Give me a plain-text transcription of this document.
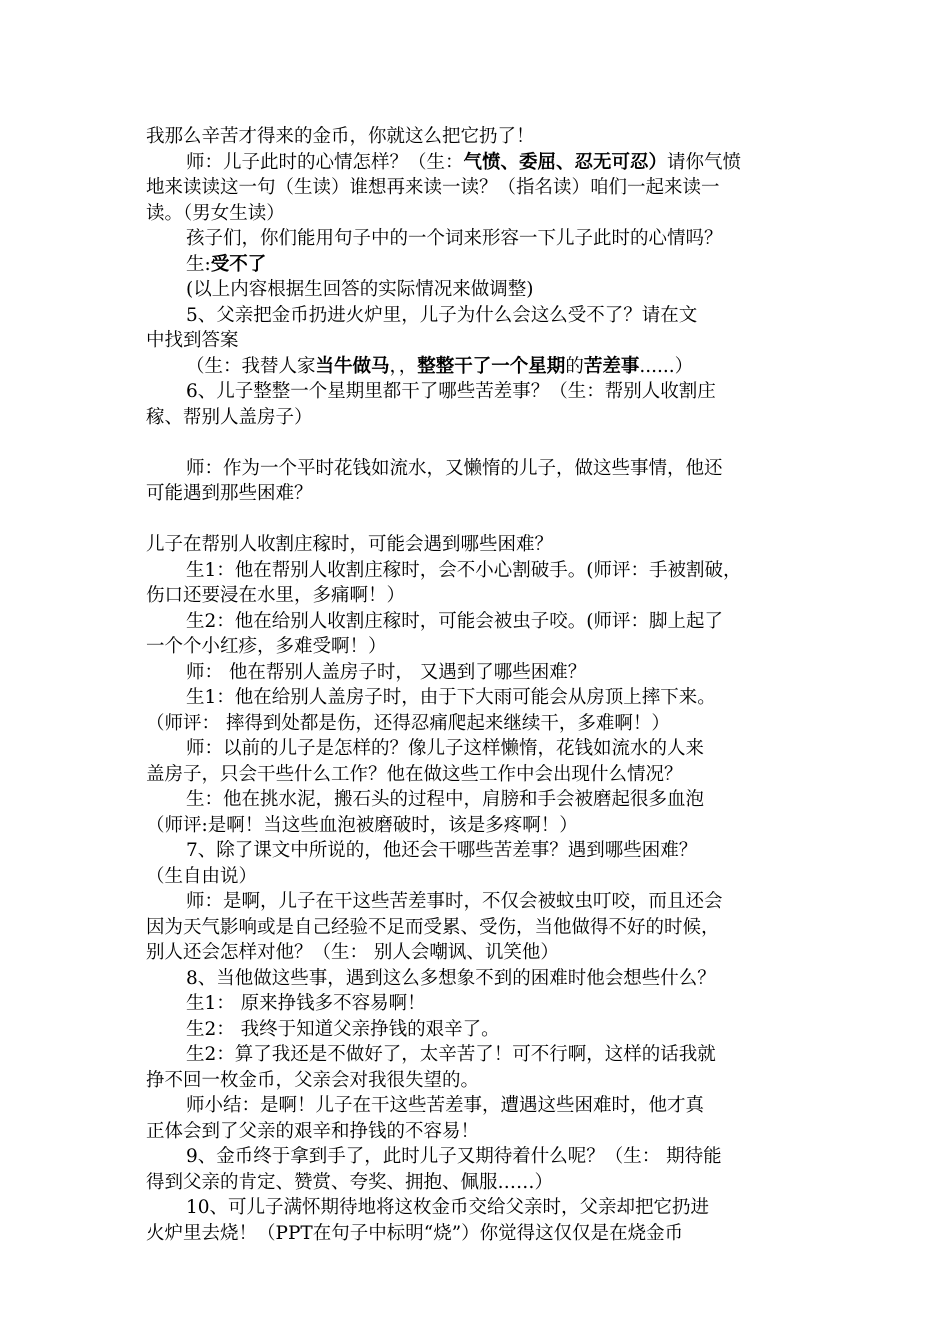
我那么辛苦才得来的金币，你就这么把它扔了！
师：儿子此时的心情怎样？（生：气愤、委屈、忍无可忍）请你气愤
地来读读这一句（生读）谁想再来读一读？（指名读）咱们一起来读一
读。（男女生读）
孩子们，你们能用句子中的一个词来形容一下儿子此时的心情吗？
生:受不了
(以上内容根据生回答的实际情况来做调整)
5、父亲把金币扔进火炉里，儿子为什么会这么受不了？请在文
中找到答案
（生：我替人家当牛做马，，整整干了一个星期的苦差事......）
6、儿子整整一个星期里都干了哪些苦差事？（生：帮别人收割庄
稼、帮别人盖房子）
师：作为一个平时花钱如流水，又懒惰的儿子，做这些事情，他还
可能遇到那些困难？
儿子在帮别人收割庄稼时，可能会遇到哪些困难？
生1：他在帮别人收割庄稼时，会不小心割破手。(师评：手被割破，
伤口还要浸在水里，多痛啊！）
生2：他在给别人收割庄稼时，可能会被虫子咬。(师评：脚上起了
一个个小红疹，多难受啊！）
师： 他在帮别人盖房子时， 又遇到了哪些困难？
生1：他在给别人盖房子时，由于下大雨可能会从房顶上摔下来。
（师评： 摔得到处都是伤，还得忍痛爬起来继续干，多难啊！）
师：以前的儿子是怎样的？像儿子这样懒惰，花钱如流水的人来
盖房子，只会干些什么工作？他在做这些工作中会出现什么情况？
生：他在挑水泥，搬石头的过程中，肩膀和手会被磨起很多血泡
（师评:是啊！当这些血泡被磨破时，该是多疼啊！）
7、除了课文中所说的，他还会干哪些苦差事？遇到哪些困难？
（生自由说）
师：是啊，儿子在干这些苦差事时，不仅会被蚊虫叮咬，而且还会
因为天气影响或是自己经验不足而受累、受伤，当他做得不好的时候，
别人还会怎样对他？（生： 别人会嘲讽、讥笑他）
8、当他做这些事，遇到这么多想象不到的困难时他会想些什么？
生1： 原来挣钱多不容易啊！
生2： 我终于知道父亲挣钱的艰辛了。
生2：算了我还是不做好了，太辛苦了！可不行啊，这样的话我就
挣不回一枚金币，父亲会对我很失望的。
师小结：是啊！儿子在干这些苦差事，遭遇这些困难时，他才真
正体会到了父亲的艰辛和挣钱的不容易！
9、金币终于拿到手了，此时儿子又期待着什么呢？（生： 期待能
得到父亲的肯定、赞赏、夸奖、拥抱、佩服……）
10、可儿子满怀期待地将这枚金币交给父亲时，父亲却把它扔进
火炉里去烧！（PPT在句子中标明“烧”）你觉得这仅仅是在烧金币
